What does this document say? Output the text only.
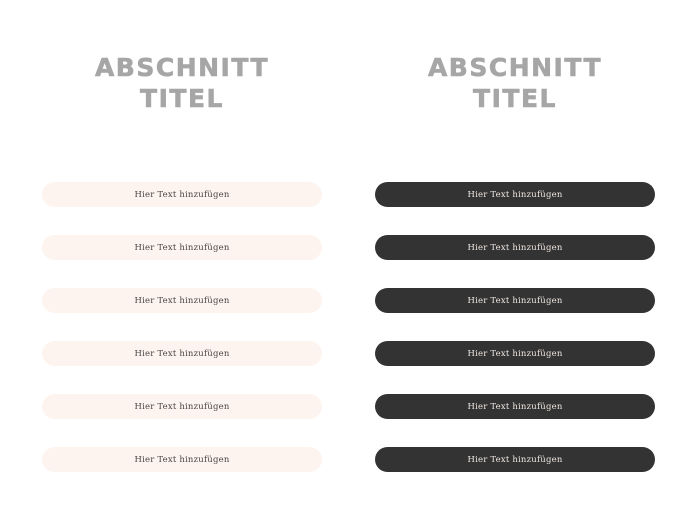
ABSCHNITT
TITEL
Hier Text hinzufügen
Hier Text hinzufügen
Hier Text hinzufügen
Hier Text hinzufügen
Hier Text hinzufügen
Hier Text hinzufügen
ABSCHNITT
TITEL
Hier Text hinzufügen
Hier Text hinzufügen
Hier Text hinzufügen
Hier Text hinzufügen
Hier Text hinzufügen
Hier Text hinzufügen
